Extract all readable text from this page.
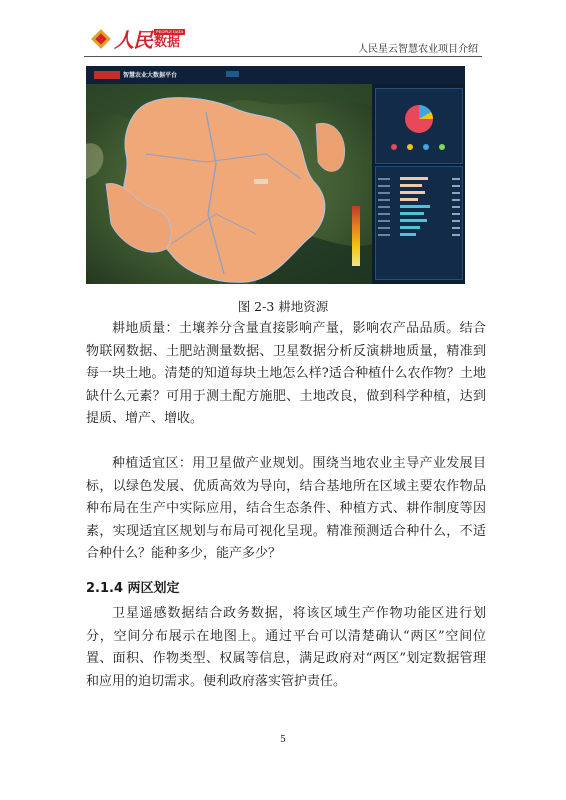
人民	PEOPLE DATA
数据
人民星云智慧农业项目介绍
智慧农业大数据平台

图 2-3 耕地资源

耕地质量：土壤养分含量直接影响产量，影响农产品品质。结合物联网数据、土肥站测量数据、卫星数据分析反演耕地质量，精准到每一块土地。清楚的知道每块土地怎么样?适合种植什么农作物？土地缺什么元素？可用于测土配方施肥、土地改良，做到科学种植，达到提质、增产、增收。

种植适宜区：用卫星做产业规划。围绕当地农业主导产业发展目标，以绿色发展、优质高效为导向，结合基地所在区域主要农作物品种布局在生产中实际应用，结合生态条件、种植方式、耕作制度等因素，实现适宜区规划与布局可视化呈现。精准预测适合种什么，不适合种什么？能种多少，能产多少？

2.1.4 两区划定

卫星遥感数据结合政务数据，将该区域生产作物功能区进行划分，空间分布展示在地图上。通过平台可以清楚确认“两区”空间位置、面积、作物类型、权属等信息，满足政府对“两区”划定数据管理和应用的迫切需求。便利政府落实管护责任。

5
